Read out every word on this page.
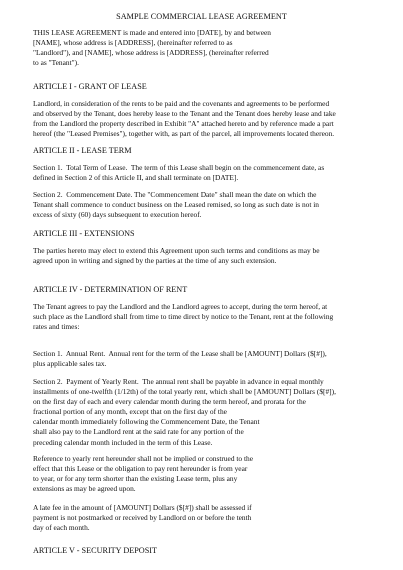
SAMPLE COMMERCIAL LEASE AGREEMENT
THIS LEASE AGREEMENT is made and entered into [DATE], by and between
[NAME], whose address is [ADDRESS], (hereinafter referred to as
"Landlord"), and [NAME], whose address is [ADDRESS], (hereinafter referred
to as "Tenant").
ARTICLE I - GRANT OF LEASE
Landlord, in consideration of the rents to be paid and the covenants and agreements to be performed
and observed by the Tenant, does hereby lease to the Tenant and the Tenant does hereby lease and take
from the Landlord the property described in Exhibit "A" attached hereto and by reference made a part
hereof (the "Leased Premises"), together with, as part of the parcel, all improvements located thereon.
ARTICLE II - LEASE TERM
Section 1.  Total Term of Lease.  The term of this Lease shall begin on the commencement date, as
defined in Section 2 of this Article II, and shall terminate on [DATE].
Section 2.  Commencement Date. The "Commencement Date" shall mean the date on which the
Tenant shall commence to conduct business on the Leased remised, so long as such date is not in
excess of sixty (60) days subsequent to execution hereof.
ARTICLE III - EXTENSIONS
The parties hereto may elect to extend this Agreement upon such terms and conditions as may be
agreed upon in writing and signed by the parties at the time of any such extension.
ARTICLE IV - DETERMINATION OF RENT
The Tenant agrees to pay the Landlord and the Landlord agrees to accept, during the term hereof, at
such place as the Landlord shall from time to time direct by notice to the Tenant, rent at the following
rates and times:
Section 1.  Annual Rent.  Annual rent for the term of the Lease shall be [AMOUNT] Dollars ($[#]),
plus applicable sales tax.
Section 2.  Payment of Yearly Rent.  The annual rent shall be payable in advance in equal monthly
installments of one-twelfth (1/12th) of the total yearly rent, which shall be [AMOUNT] Dollars ($[#]),
on the first day of each and every calendar month during the term hereof, and prorata for the
fractional portion of any month, except that on the first day of the
calendar month immediately following the Commencement Date, the Tenant
shall also pay to the Landlord rent at the said rate for any portion of the
preceding calendar month included in the term of this Lease.
Reference to yearly rent hereunder shall not be implied or construed to the
effect that this Lease or the obligation to pay rent hereunder is from year
to year, or for any term shorter than the existing Lease term, plus any
extensions as may be agreed upon.
A late fee in the amount of [AMOUNT] Dollars ($[#]) shall be assessed if
payment is not postmarked or received by Landlord on or before the tenth
day of each month.
ARTICLE V - SECURITY DEPOSIT
